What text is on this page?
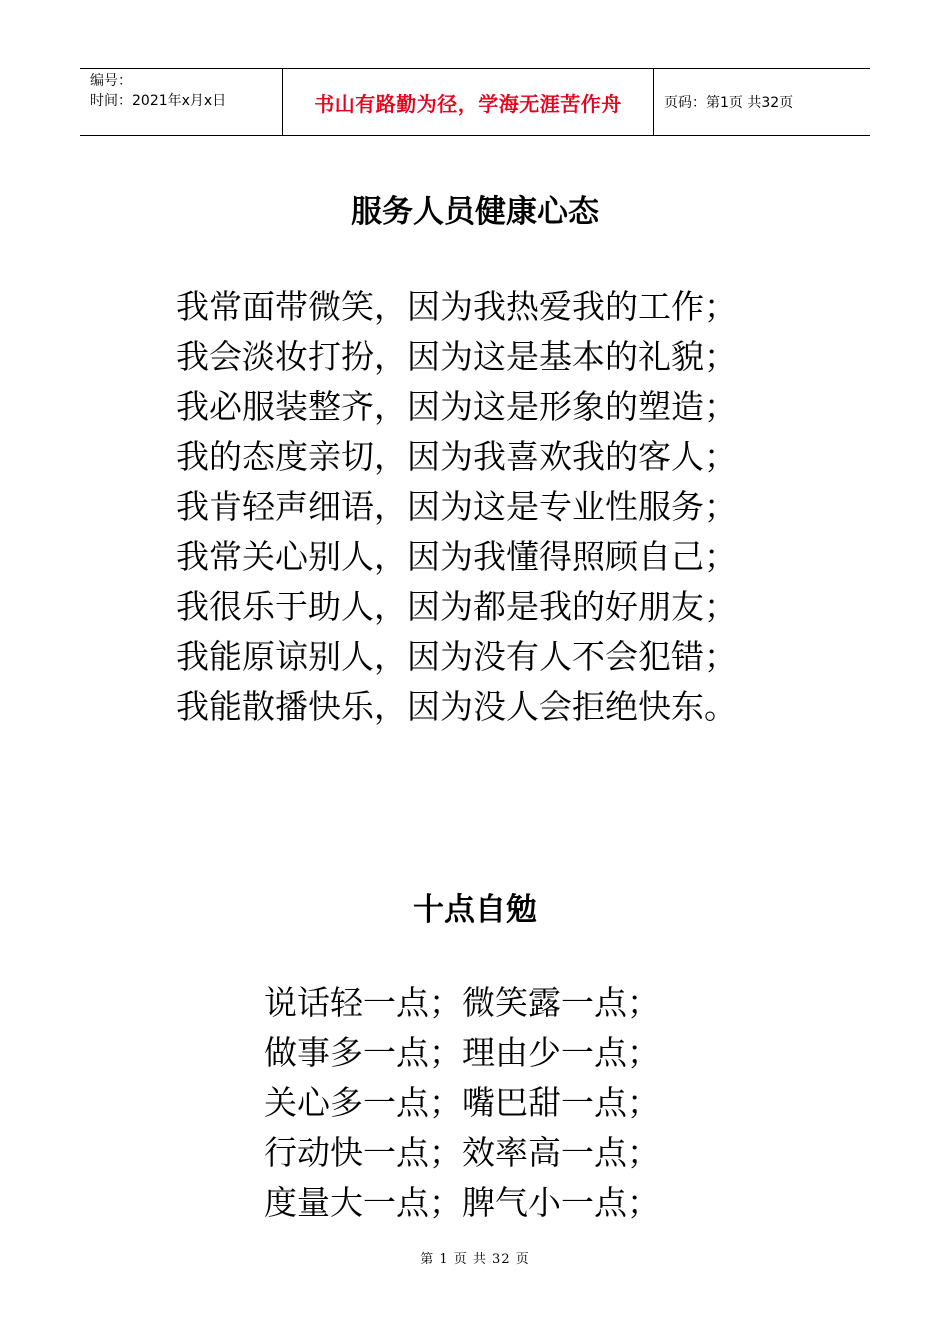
编号：
时间：2021年x月x日	书山有路勤为径，学海无涯苦作舟	页码：第1页 共32页
服务人员健康心态
我常面带微笑，因为我热爱我的工作；
我会淡妆打扮，因为这是基本的礼貌；
我必服装整齐，因为这是形象的塑造；
我的态度亲切，因为我喜欢我的客人；
我肯轻声细语，因为这是专业性服务；
我常关心别人，因为我懂得照顾自己；
我很乐于助人，因为都是我的好朋友；
我能原谅别人，因为没有人不会犯错；
我能散播快乐，因为没人会拒绝快东。
十点自勉
说话轻一点；微笑露一点；
做事多一点；理由少一点；
关心多一点；嘴巴甜一点；
行动快一点；效率高一点；
度量大一点；脾气小一点；
第 1 页 共 32 页
